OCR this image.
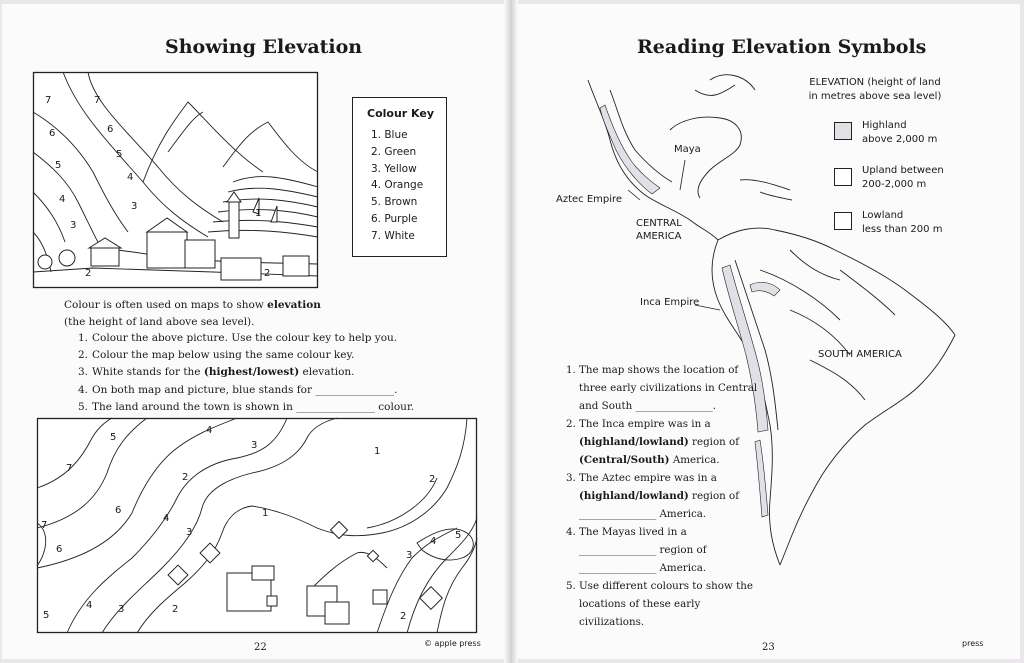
Showing Elevation
7	7
6	6
5
5
4
4
3
3
2	2
1
Colour Key
1. Blue
2. Green
3. Yellow
4. Orange
5. Brown
6. Purple
7. White
Colour is often used on maps to show elevation
(the height of land above sea level).
1. Colour the above picture. Use the colour key to help you.
2. Colour the map below using the same colour key.
3. White stands for the (highest/lowest) elevation.
4. On both map and picture, blue stands for _______________.
5. The land around the town is shown in _______________ colour.
5
4
3
1
7
2	2
6
4	1
7
3
6
4
5
3
5
4	3	2
2
22	© apple press
Reading Elevation Symbols
Maya
Aztec Empire
CENTRAL
AMERICA
Inca Empire
SOUTH AMERICA
ELEVATION (height of land
in metres above sea level)
Highland
above 2,000 m
Upland between
200-2,000 m
Lowland
less than 200 m
1. The map shows the location of
three early civilizations in Central
and South _______________.
2. The Inca empire was in a
(highland/lowland) region of
(Central/South) America.
3. The Aztec empire was in a
(highland/lowland) region of
_______________ America.
4. The Mayas lived in a
_______________ region of
_______________ America.
5. Use different colours to show the
locations of these early civilizations.
23	press
